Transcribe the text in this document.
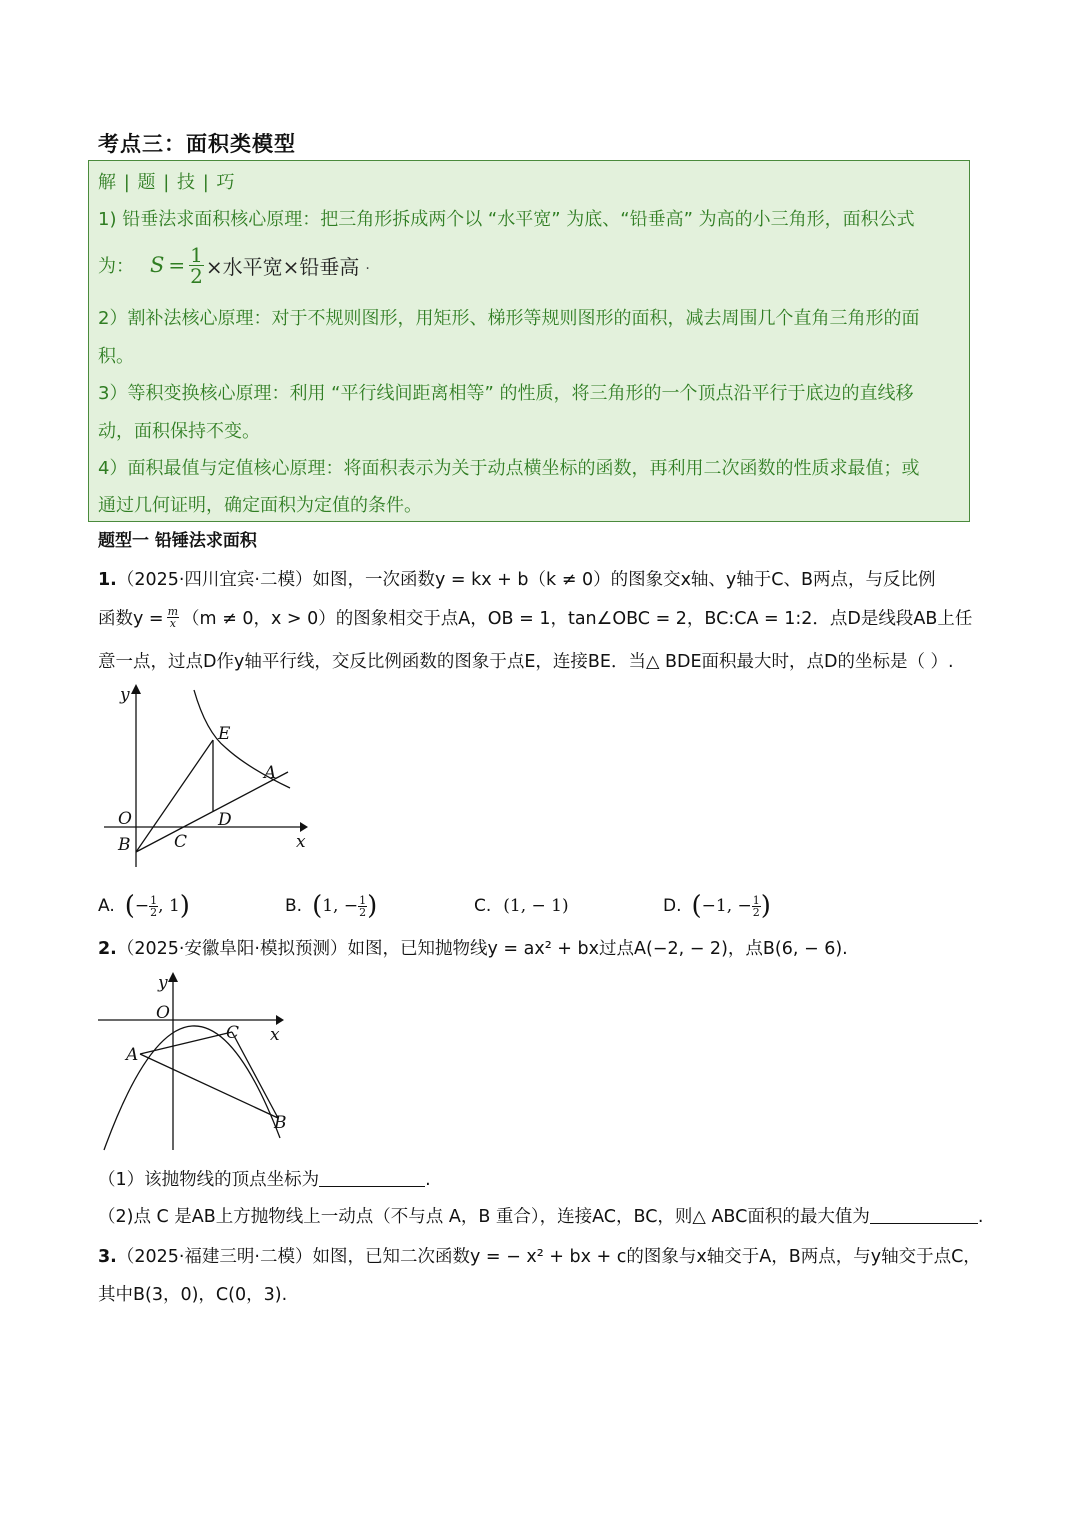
考点三：面积类模型
解 | 题 | 技 | 巧
1) 铅垂法求面积核心原理：把三角形拆成两个以 “水平宽” 为底、“铅垂高” 为高的小三角形，面积公式
为： $S = \frac{1}{2}$ ×水平宽×铅垂高 .
2）割补法核心原理：对于不规则图形，用矩形、梯形等规则图形的面积，减去周围几个直角三角形的面
积。
3）等积变换核心原理：利用 “平行线间距离相等” 的性质，将三角形的一个顶点沿平行于底边的直线移
动，面积保持不变。
4）面积最值与定值核心原理：将面积表示为关于动点横坐标的函数，再利用二次函数的性质求最值；或
通过几何证明，确定面积为定值的条件。
题型一 铅锤法求面积
1.（2025·四川宜宾·二模）如图，一次函数y = kx + b（k ≠ 0）的图象交x轴、y轴于C、B两点，与反比例
函数$y = \frac{m}{x} (m \ne 0$，x > 0）的图象相交于点A，OB = 1，tan∠OBC = 2，BC:CA = 1:2．点D是线段AB上任
意一点，过点D作y轴平行线，交反比例函数的图象于点E，连接BE．当△ BDE面积最大时，点D的坐标是（ ）.
y
x
O
B	C
D
E
A
A. ( − $\frac{1}{2}$ , 1 )	B. ( 1, − $\frac{1}{2}$ )	C. (1, − 1)	D. ( −1, − $\frac{1}{2}$ )
2.（2025·安徽阜阳·模拟预测）如图，已知抛物线y = ax² + bx过点A(−2, − 2)，点B(6, − 6).
y
x
O
A
C
B
（1）该抛物线的顶点坐标为	.
（2)点 C 是AB上方抛物线上一动点（不与点 A，B 重合），连接AC，BC，则△ ABC面积的最大值为	.
3.（2025·福建三明·二模）如图，已知二次函数y = − x² + bx + c的图象与x轴交于A，B两点，与y轴交于点C，
其中B(3，0)，C(0，3).
